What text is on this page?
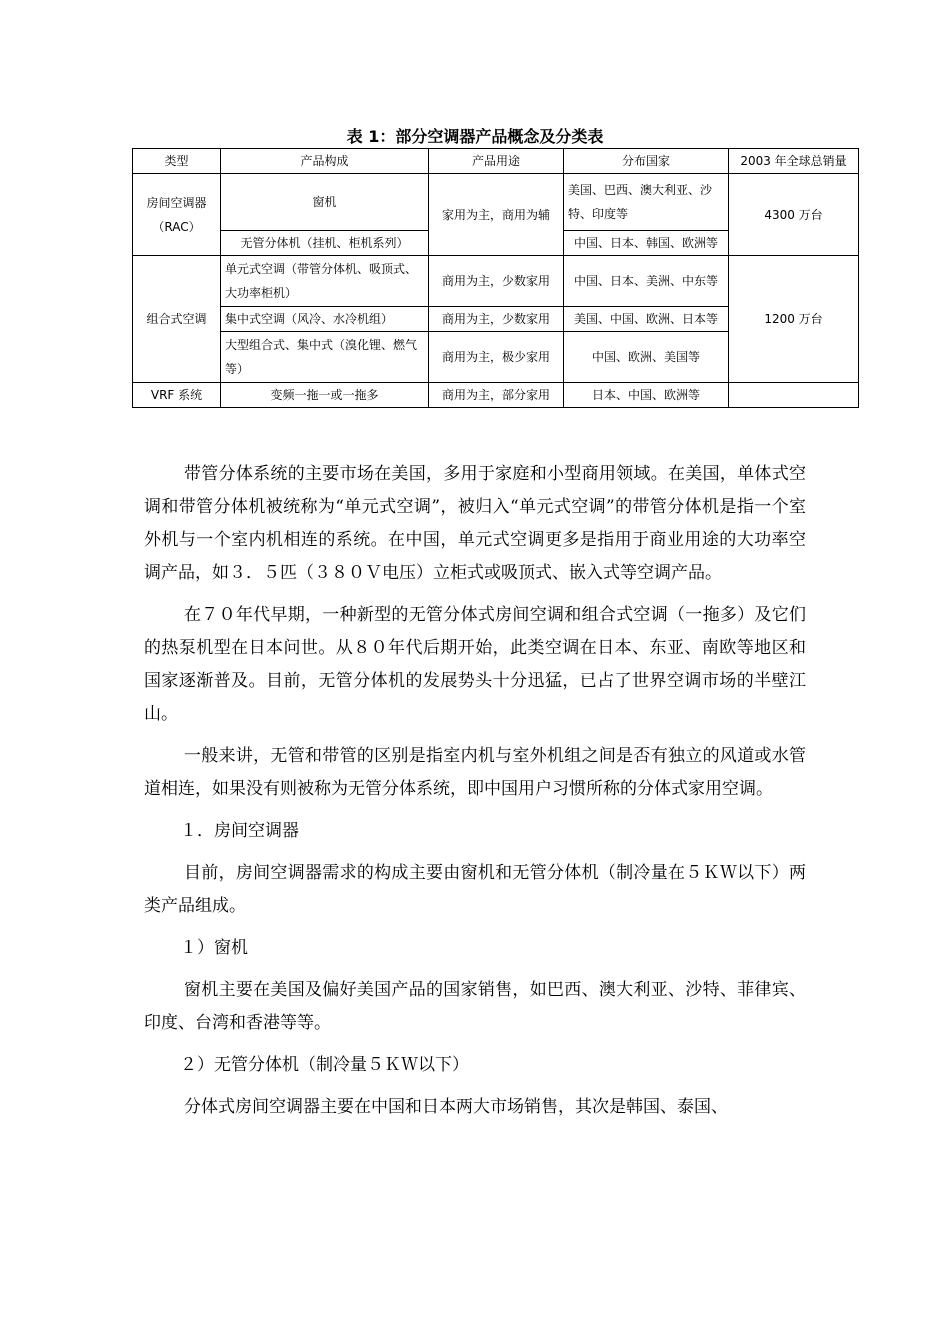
表 1：部分空调器产品概念及分类表
类型	产品构成	产品用途	分布国家	2003 年全球总销量
房间空调器（RAC）	窗机	家用为主，商用为辅	美国、巴西、澳大利亚、沙特、印度等	4300 万台
	无管分体机（挂机、柜机系列）		中国、日本、韩国、欧洲等	
组合式空调	单元式空调（带管分体机、吸顶式、大功率柜机）	商用为主，少数家用	中国、日本、美洲、中东等	1200 万台
	集中式空调（风冷、水冷机组）	商用为主，少数家用	美国、中国、欧洲、日本等	
	大型组合式、集中式（溴化锂、燃气等）	商用为主，极少家用	中国、欧洲、美国等	
VRF 系统	变频一拖一或一拖多	商用为主，部分家用	日本、中国、欧洲等	

带管分体系统的主要市场在美国，多用于家庭和小型商用领域。在美国，单体式空调和带管分体机被统称为“单元式空调”，被归入“单元式空调”的带管分体机是指一个室外机与一个室内机相连的系统。在中国，单元式空调更多是指用于商业用途的大功率空调产品，如３．５匹（３８０Ｖ电压）立柜式或吸顶式、嵌入式等空调产品。

在７０年代早期，一种新型的无管分体式房间空调和组合式空调（一拖多）及它们的热泵机型在日本问世。从８０年代后期开始，此类空调在日本、东亚、南欧等地区和国家逐渐普及。目前，无管分体机的发展势头十分迅猛，已占了世界空调市场的半壁江山。

一般来讲，无管和带管的区别是指室内机与室外机组之间是否有独立的风道或水管道相连，如果没有则被称为无管分体系统，即中国用户习惯所称的分体式家用空调。

１．房间空调器

目前，房间空调器需求的构成主要由窗机和无管分体机（制冷量在５ＫＷ以下）两类产品组成。

１）窗机

窗机主要在美国及偏好美国产品的国家销售，如巴西、澳大利亚、沙特、菲律宾、印度、台湾和香港等等。

２）无管分体机（制冷量５ＫＷ以下）

分体式房间空调器主要在中国和日本两大市场销售，其次是韩国、泰国、
